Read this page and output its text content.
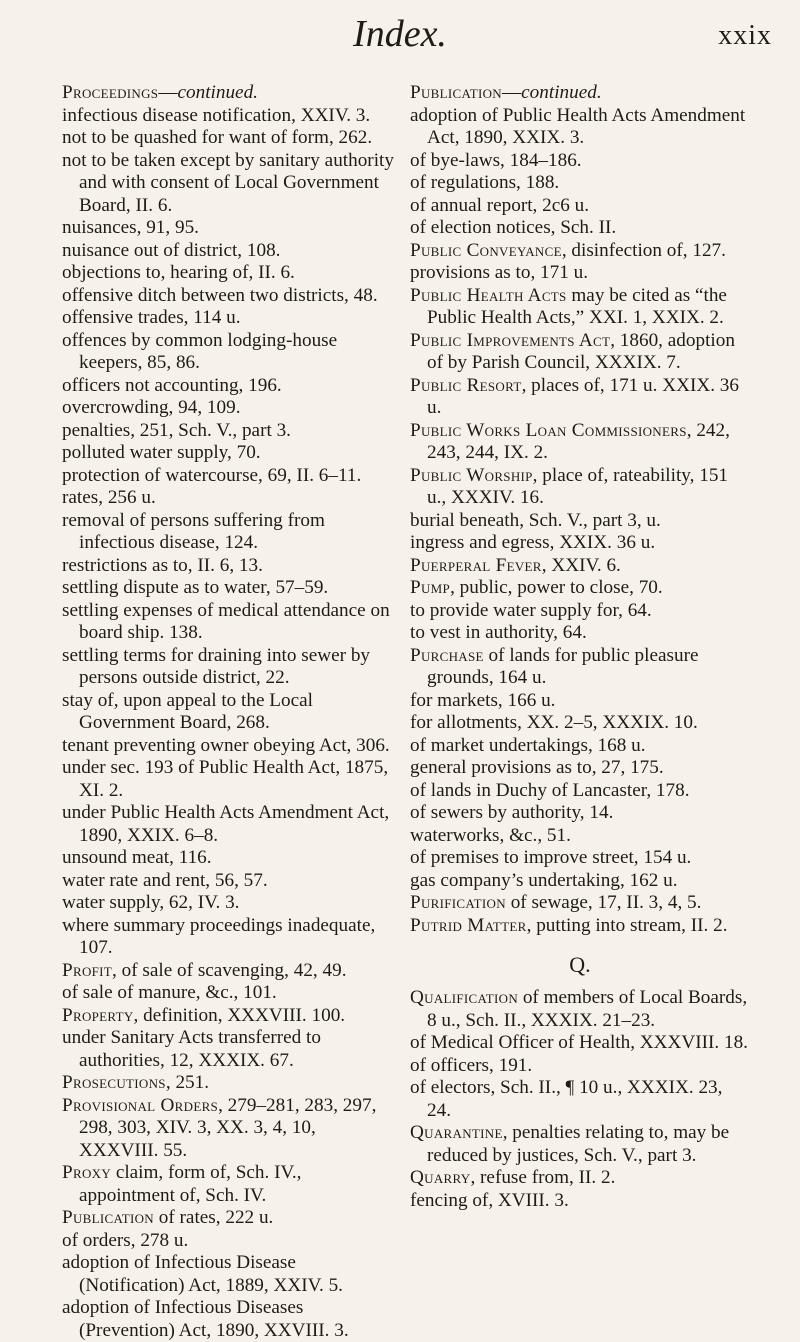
Index.	xxix
Proceedings—continued.
infectious disease notification, XXIV. 3.
not to be quashed for want of form, 262.
not to be taken except by sanitary authority and with consent of Local Government Board, II. 6.
nuisances, 91, 95.
nuisance out of district, 108.
objections to, hearing of, II. 6.
offensive ditch between two districts, 48.
offensive trades, 114 u.
offences by common lodging-house keepers, 85, 86.
officers not accounting, 196.
overcrowding, 94, 109.
penalties, 251, Sch. V., part 3.
polluted water supply, 70.
protection of watercourse, 69, II. 6–11.
rates, 256 u.
removal of persons suffering from infectious disease, 124.
restrictions as to, II. 6, 13.
settling dispute as to water, 57–59.
settling expenses of medical attendance on board ship. 138.
settling terms for draining into sewer by persons outside district, 22.
stay of, upon appeal to the Local Government Board, 268.
tenant preventing owner obeying Act, 306.
under sec. 193 of Public Health Act, 1875, XI. 2.
under Public Health Acts Amendment Act, 1890, XXIX. 6–8.
unsound meat, 116.
water rate and rent, 56, 57.
water supply, 62, IV. 3.
where summary proceedings inadequate, 107.
Profit, of sale of scavenging, 42, 49.
of sale of manure, &c., 101.
Property, definition, XXXVIII. 100.
under Sanitary Acts transferred to authorities, 12, XXXIX. 67.
Prosecutions, 251.
Provisional Orders, 279–281, 283, 297, 298, 303, XIV. 3, XX. 3, 4, 10, XXXVIII. 55.
Proxy claim, form of, Sch. IV., appointment of, Sch. IV.
Publication of rates, 222 u.
of orders, 278 u.
adoption of Infectious Disease (Notification) Act, 1889, XXIV. 5.
adoption of Infectious Diseases (Prevention) Act, 1890, XXVIII. 3.
Publication—continued.
adoption of Public Health Acts Amendment Act, 1890, XXIX. 3.
of bye-laws, 184–186.
of regulations, 188.
of annual report, 2c6 u.
of election notices, Sch. II.
Public Conveyance, disinfection of, 127.
provisions as to, 171 u.
Public Health Acts may be cited as “the Public Health Acts,” XXI. 1, XXIX. 2.
Public Improvements Act, 1860, adoption of by Parish Council, XXXIX. 7.
Public Resort, places of, 171 u. XXIX. 36 u.
Public Works Loan Commissioners, 242, 243, 244, IX. 2.
Public Worship, place of, rateability, 151 u., XXXIV. 16.
burial beneath, Sch. V., part 3, u.
ingress and egress, XXIX. 36 u.
Puerperal Fever, XXIV. 6.
Pump, public, power to close, 70.
to provide water supply for, 64.
to vest in authority, 64.
Purchase of lands for public pleasure grounds, 164 u.
for markets, 166 u.
for allotments, XX. 2–5, XXXIX. 10.
of market undertakings, 168 u.
general provisions as to, 27, 175.
of lands in Duchy of Lancaster, 178.
of sewers by authority, 14.
waterworks, &c., 51.
of premises to improve street, 154 u.
gas company’s undertaking, 162 u.
Purification of sewage, 17, II. 3, 4, 5.
Putrid Matter, putting into stream, II. 2.
Q.
Qualification of members of Local Boards, 8 u., Sch. II., XXXIX. 21–23.
of Medical Officer of Health, XXXVIII. 18.
of officers, 191.
of electors, Sch. II., ¶ 10 u., XXXIX. 23, 24.
Quarantine, penalties relating to, may be reduced by justices, Sch. V., part 3.
Quarry, refuse from, II. 2.
fencing of, XVIII. 3.
